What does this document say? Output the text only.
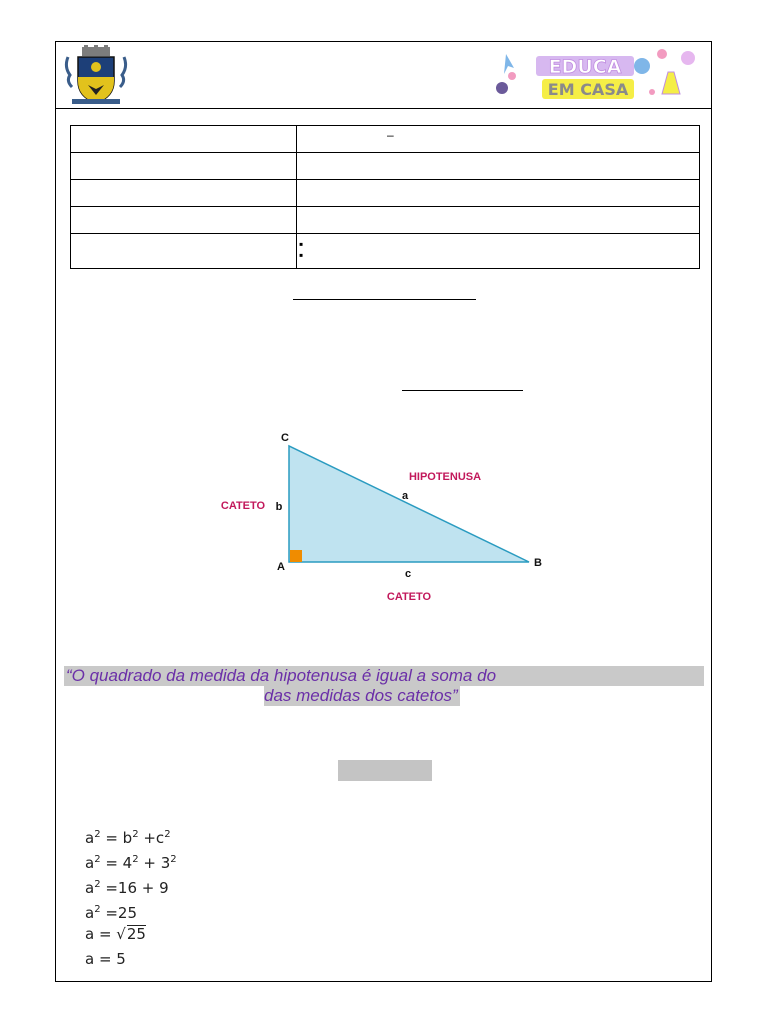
EDUCA
EM CASA

–
▪
▪
C
A	B
a
b
c
HIPOTENUSA
CATETO
CATETO
“O quadrado da medida da hipotenusa é igual a soma do
das medidas dos catetos”
$a^2 = b^2 +c^2$
$a^2 = 4^2 + 3^2$
$a^2 =16 + 9$
$a^2 =25$
a = √25
a = 5
